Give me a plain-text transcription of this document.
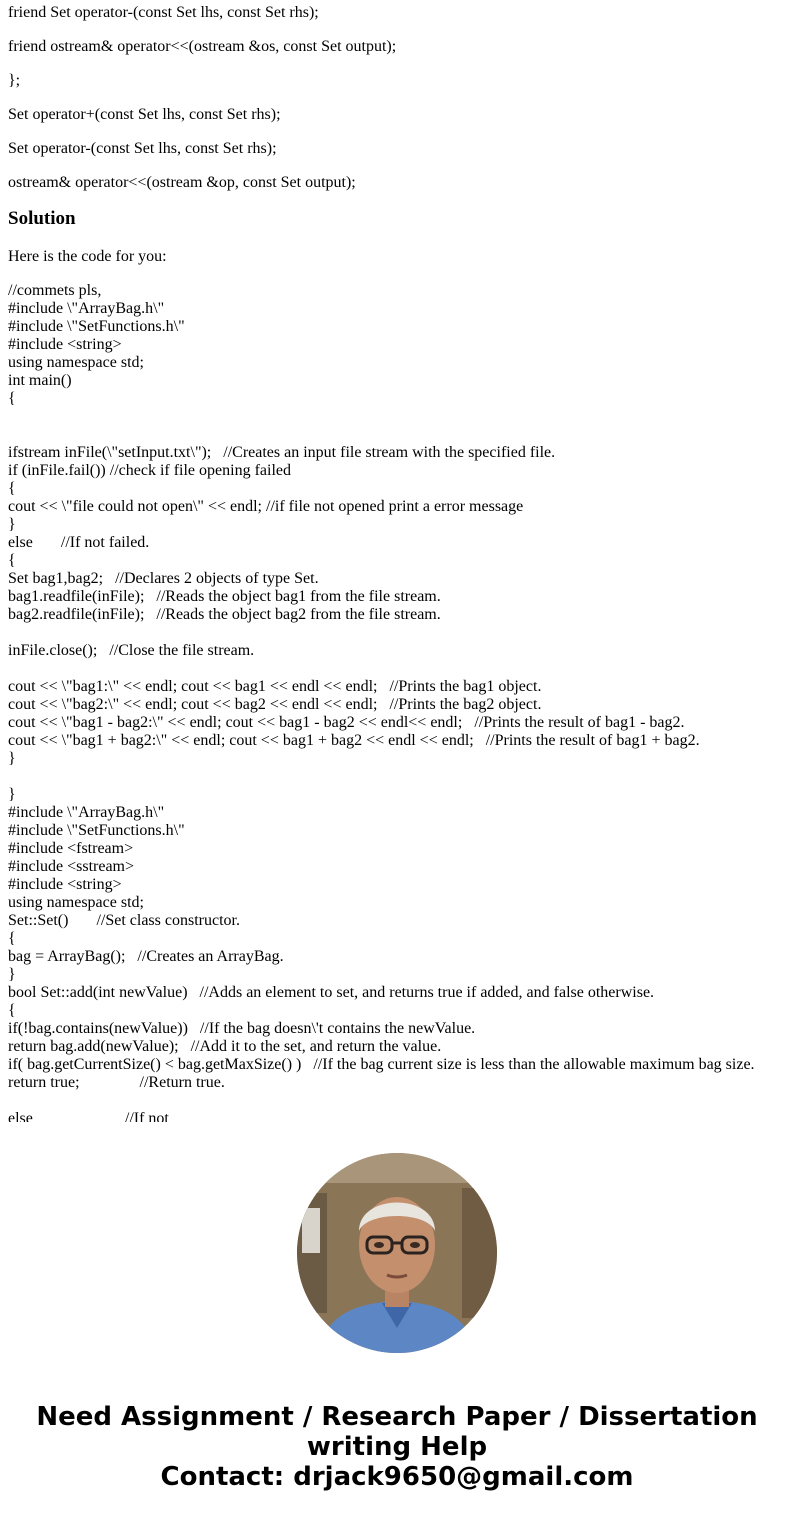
friend Set operator-(const Set lhs, const Set rhs);

friend ostream& operator<<(ostream &os, const Set output);

};

Set operator+(const Set lhs, const Set rhs);

Set operator-(const Set lhs, const Set rhs);

ostream& operator<<(ostream &op, const Set output);

Solution

Here is the code for you:

//commets pls,
#include \"ArrayBag.h\"
#include \"SetFunctions.h\"
#include <string>
using namespace std;
int main()
{
ifstream inFile(\"setInput.txt\");   //Creates an input file stream with the specified file.
if (inFile.fail()) //check if file opening failed
{
cout << \"file could not open\" << endl; //if file not opened print a error message
}
else       //If not failed.
{
Set bag1,bag2;   //Declares 2 objects of type Set.
bag1.readfile(inFile);   //Reads the object bag1 from the file stream.
bag2.readfile(inFile);   //Reads the object bag2 from the file stream.
inFile.close();   //Close the file stream.
cout << \"bag1:\" << endl; cout << bag1 << endl << endl;   //Prints the bag1 object.
cout << \"bag2:\" << endl; cout << bag2 << endl << endl;   //Prints the bag2 object.
cout << \"bag1 - bag2:\" << endl; cout << bag1 - bag2 << endl<< endl;   //Prints the result of bag1 - bag2.
cout << \"bag1 + bag2:\" << endl; cout << bag1 + bag2 << endl << endl;   //Prints the result of bag1 + bag2.
}
}
#include \"ArrayBag.h\"
#include \"SetFunctions.h\"
#include <fstream>
#include <sstream>
#include <string>
using namespace std;
Set::Set()       //Set class constructor.
{
bag = ArrayBag();   //Creates an ArrayBag.
}
bool Set::add(int newValue)   //Adds an element to set, and returns true if added, and false otherwise.
{
if(!bag.contains(newValue))   //If the bag doesn\'t contains the newValue.
return bag.add(newValue);   //Add it to the set, and return the value.
if( bag.getCurrentSize() < bag.getMaxSize() )   //If the bag current size is less than the allowable maximum bag size.
return true;               //Return true.
else                       //If not
Need Assignment / Research Paper / Dissertation
writing Help
Contact: drjack9650@gmail.com
